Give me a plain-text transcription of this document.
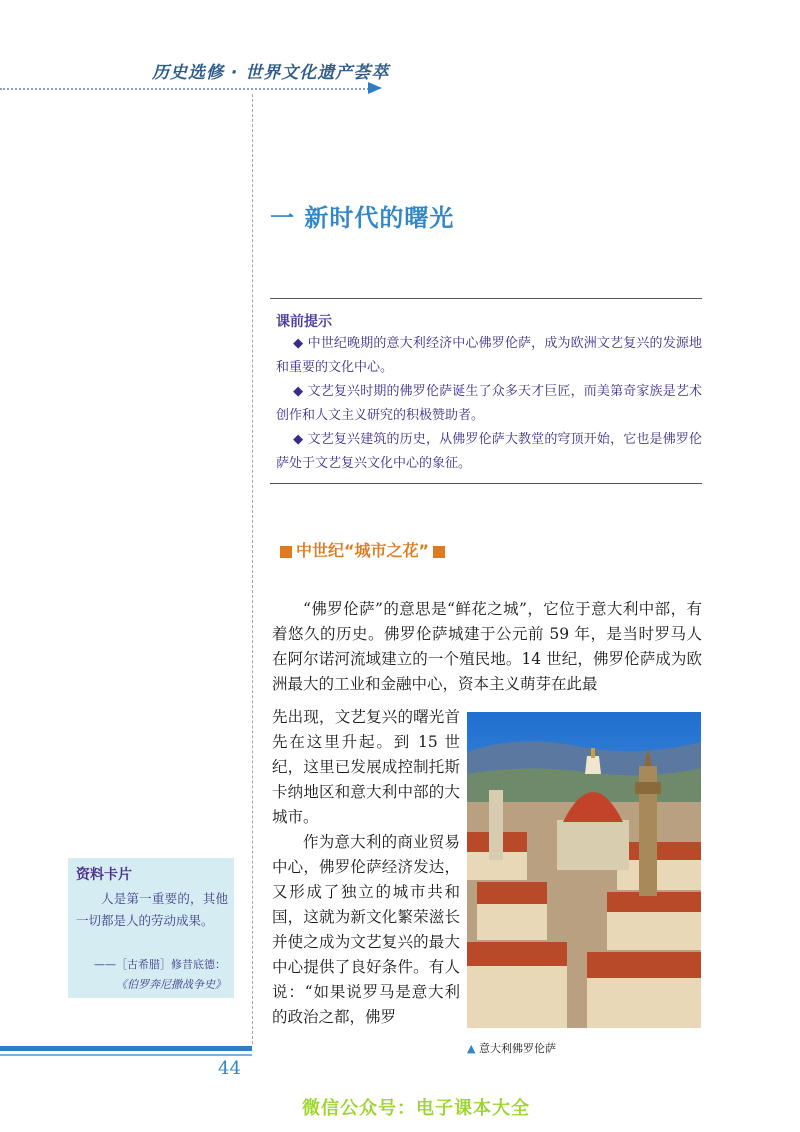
历史选修 · 世界文化遗产荟萃
一 新时代的曙光
课前提示
◆ 中世纪晚期的意大利经济中心佛罗伦萨，成为欧洲文艺复兴的发源地和重要的文化中心。
◆ 文艺复兴时期的佛罗伦萨诞生了众多天才巨匠，而美第奇家族是艺术创作和人文主义研究的积极赞助者。
◆ 文艺复兴建筑的历史，从佛罗伦萨大教堂的穹顶开始，它也是佛罗伦萨处于文艺复兴文化中心的象征。
中世纪“城市之花”
“佛罗伦萨”的意思是“鲜花之城”，它位于意大利中部，有着悠久的历史。佛罗伦萨城建于公元前 59 年，是当时罗马人在阿尔诺河流域建立的一个殖民地。14 世纪，佛罗伦萨成为欧洲最大的工业和金融中心，资本主义萌芽在此最
先出现，文艺复兴的曙光首先在这里升起。到 15 世纪，这里已发展成控制托斯卡纳地区和意大利中部的大城市。
作为意大利的商业贸易中心，佛罗伦萨经济发达，又形成了独立的城市共和国，这就为新文化繁荣滋长并使之成为文艺复兴的最大中心提供了良好条件。有人说：“如果说罗马是意大利的政治之都，佛罗
▲ 意大利佛罗伦萨
资料卡片
人是第一重要的，其他一切都是人的劳动成果。
——［古希腊］修昔底德：
《伯罗奔尼撒战争史》
44
微信公众号：电子课本大全
